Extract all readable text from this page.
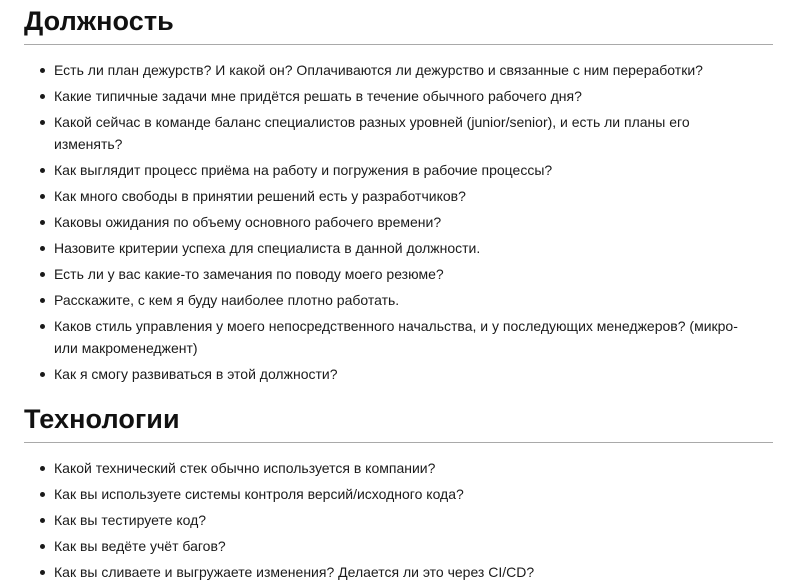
Должность
Есть ли план дежурств? И какой он? Оплачиваются ли дежурство и связанные с ним переработки?
Какие типичные задачи мне придётся решать в течение обычного рабочего дня?
Какой сейчас в команде баланс специалистов разных уровней (junior/senior), и есть ли планы его изменять?
Как выглядит процесс приёма на работу и погружения в рабочие процессы?
Как много свободы в принятии решений есть у разработчиков?
Каковы ожидания по объему основного рабочего времени?
Назовите критерии успеха для специалиста в данной должности.
Есть ли у вас какие-то замечания по поводу моего резюме?
Расскажите, с кем я буду наиболее плотно работать.
Каков стиль управления у моего непосредственного начальства, и у последующих менеджеров? (микро- или макроменеджент)
Как я смогу развиваться в этой должности?
Технологии
Какой технический стек обычно используется в компании?
Как вы используете системы контроля версий/исходного кода?
Как вы тестируете код?
Как вы ведёте учёт багов?
Как вы сливаете и выгружаете изменения? Делается ли это через CI/CD?
